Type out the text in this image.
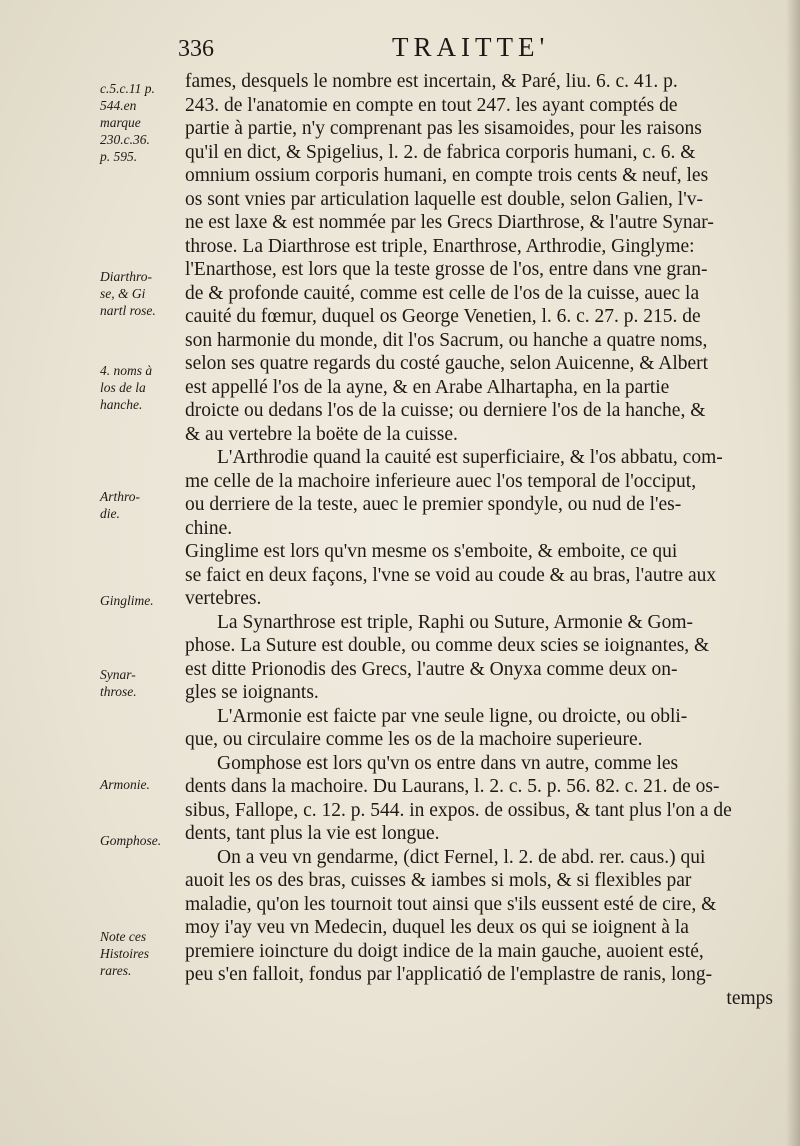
336	TRAITTE'
c.5.c.11 p.
544.en
marque
230.c.36.
p. 595.
Diarthro-
se, & Gi
nartl rose.
4. noms à
los de la
hanche.
Arthro-
die.
Ginglime.
Synar-
throse.
Armonie.
Gomphose.
Note ces
Histoires
rares.
fames, desquels le nombre est incertain, & Paré, liu. 6. c. 41. p.
243. de l'anatomie en compte en tout 247. les ayant comptés de
partie à partie, n'y comprenant pas les sisamoides, pour les raisons
qu'il en dict, & Spigelius, l. 2. de fabrica corporis humani, c. 6. &
omnium ossium corporis humani, en compte trois cents & neuf, les
os sont vnies par articulation laquelle est double, selon Galien, l'v-
ne est laxe & est nommée par les Grecs Diarthrose, & l'autre Synar-
throse. La Diarthrose est triple, Enarthrose, Arthrodie, Ginglyme:
l'Enarthose, est lors que la teste grosse de l'os, entre dans vne gran-
de & profonde cauité, comme est celle de l'os de la cuisse, auec la
cauité du fœmur, duquel os George Venetien, l. 6. c. 27. p. 215. de
son harmonie du monde, dit l'os Sacrum, ou hanche a quatre noms,
selon ses quatre regards du costé gauche, selon Auicenne, & Albert
est appellé l'os de la ayne, & en Arabe Alhartapha, en la partie
droicte ou dedans l'os de la cuisse; ou derniere l'os de la hanche, &
& au vertebre la boëte de la cuisse.
L'Arthrodie quand la cauité est superficiaire, & l'os abbatu, com-
me celle de la machoire inferieure auec l'os temporal de l'occiput,
ou derriere de la teste, auec le premier spondyle, ou nud de l'es-
chine.
Ginglime est lors qu'vn mesme os s'emboite, & emboite, ce qui
se faict en deux façons, l'vne se void au coude & au bras, l'autre aux
vertebres.
La Synarthrose est triple, Raphi ou Suture, Armonie & Gom-
phose. La Suture est double, ou comme deux scies se ioignantes, &
est ditte Prionodis des Grecs, l'autre & Onyxa comme deux on-
gles se ioignants.
L'Armonie est faicte par vne seule ligne, ou droicte, ou obli-
que, ou circulaire comme les os de la machoire superieure.
Gomphose est lors qu'vn os entre dans vn autre, comme les
dents dans la machoire. Du Laurans, l. 2. c. 5. p. 56. 82. c. 21. de os-
sibus, Fallope, c. 12. p. 544. in expos. de ossibus, & tant plus l'on a de
dents, tant plus la vie est longue.
On a veu vn gendarme, (dict Fernel, l. 2. de abd. rer. caus.) qui
auoit les os des bras, cuisses & iambes si mols, & si flexibles par
maladie, qu'on les tournoit tout ainsi que s'ils eussent esté de cire, &
moy i'ay veu vn Medecin, duquel les deux os qui se ioignent à la
premiere ioincture du doigt indice de la main gauche, auoient esté,
peu s'en falloit, fondus par l'applicatió de l'emplastre de ranis, long-
temps
